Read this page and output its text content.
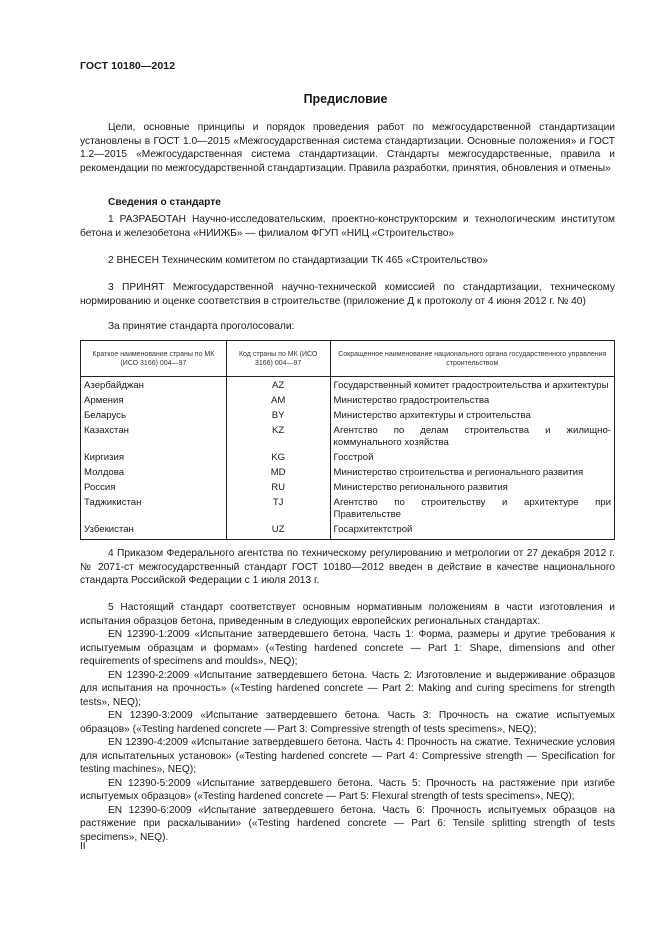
ГОСТ 10180—2012
Предисловие

Цели, основные принципы и порядок проведения работ по межгосударственной стандартизации установлены в ГОСТ 1.0—2015 «Межгосударственная система стандартизации. Основные положения» и ГОСТ 1.2—2015 «Межгосударственная система стандартизации. Стандарты межгосударственные, правила и рекомендации по межгосударственной стандартизации. Правила разработки, принятия, обновления и отмены»

Сведения о стандарте

1 РАЗРАБОТАН Научно-исследовательским, проектно-конструкторским и технологическим институтом бетона и железобетона «НИИЖБ» — филиалом ФГУП «НИЦ «Строительство»

2 ВНЕСЕН Техническим комитетом по стандартизации ТК 465 «Строительство»

3 ПРИНЯТ Межгосударственной научно-технической комиссией по стандартизации, техническому нормированию и оценке соответствия в строительстве (приложение Д к протоколу от 4 июня 2012 г. № 40)

За принятие стандарта проголосовали:

Краткое наименование страны по МК (ИСО 3166) 004—97	Код страны по МК (ИСО 3166) 004—97	Сокращенное наименование национального органа государственного управления строительством
Азербайджан	AZ	Государственный комитет градостроительства и архитектуры
Армения	AM	Министерство градостроительства
Беларусь	BY	Министерство архитектуры и строительства
Казахстан	KZ	Агентство по делам строительства и жилищно-коммунального хозяйства
Киргизия	KG	Госстрой
Молдова	MD	Министерство строительства и регионального развития
Россия	RU	Министерство регионального развития
Таджикистан	TJ	Агентство по строительству и архитектуре при Правительстве
Узбекистан	UZ	Госархитектстрой

4 Приказом Федерального агентства по техническому регулированию и метрологии от 27 декабря 2012 г. № 2071-ст межгосударственный стандарт ГОСТ 10180—2012 введен в действие в качестве национального стандарта Российской Федерации с 1 июля 2013 г.

5 Настоящий стандарт соответствует основным нормативным положениям в части изготовления и испытания образцов бетона, приведенным в следующих европейских региональных стандартах:

EN 12390-1:2009 «Испытание затвердевшего бетона. Часть 1: Форма, размеры и другие требования к испытуемым образцам и формам» («Testing hardened concrete — Part 1: Shape, dimensions and other requirements of specimens and moulds», NEQ);

EN 12390-2:2009 «Испытание затвердевшего бетона. Часть 2: Изготовление и выдерживание образцов для испытания на прочность» («Testing hardened concrete — Part 2: Making and curing specimens for strength tests», NEQ);

EN 12390-3:2009 «Испытание затвердевшего бетона. Часть 3: Прочность на сжатие испытуемых образцов» («Testing hardened concrete — Part 3: Compressive strength of tests specimens», NEQ);

EN 12390-4:2009 «Испытание затвердевшего бетона. Часть 4: Прочность на сжатие. Технические условия для испытательных установок» («Testing hardened concrete — Part 4: Compressive strength — Specification for testing machines», NEQ);

EN 12390-5:2009 «Испытание затвердевшего бетона. Часть 5: Прочность на растяжение при изгибе испытуемых образцов» («Testing hardened concrete — Part 5: Flexural strength of tests specimens», NEQ);

EN 12390-6:2009 «Испытание затвердевшего бетона. Часть 6: Прочность испытуемых образцов на растяжение при раскалывании» («Testing hardened concrete — Part 6: Tensile splitting strength of tests specimens», NEQ).

II
